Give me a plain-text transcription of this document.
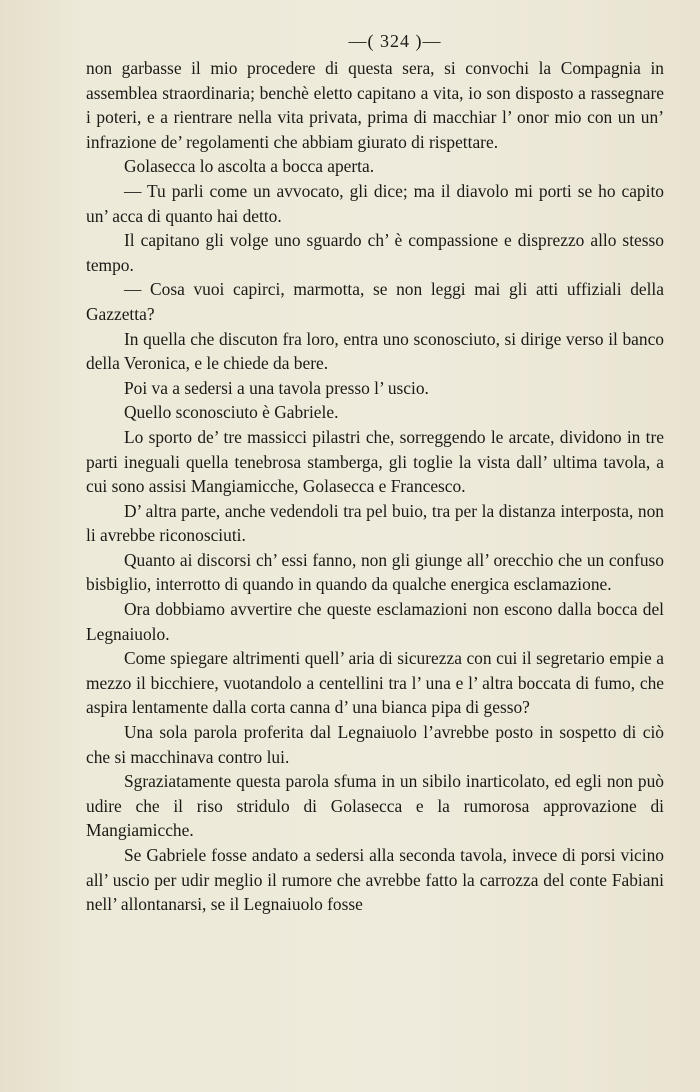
—( 324 )—

non garbasse il mio procedere di questa sera, si convochi la Compagnia in assemblea straordinaria; benchè eletto capitano a vita, io son disposto a rassegnare i poteri, e a rientrare nella vita privata, prima di macchiar l’ onor mio con un un’ infrazione de’ regolamenti che abbiam giurato di rispettare.

Golasecca lo ascolta a bocca aperta.

— Tu parli come un avvocato, gli dice; ma il diavolo mi porti se ho capito un’ acca di quanto hai detto.

Il capitano gli volge uno sguardo ch’ è compassione e disprezzo allo stesso tempo.

— Cosa vuoi capirci, marmotta, se non leggi mai gli atti uffiziali della Gazzetta?

In quella che discuton fra loro, entra uno sconosciuto, si dirige verso il banco della Veronica, e le chiede da bere.

Poi va a sedersi a una tavola presso l’ uscio.

Quello sconosciuto è Gabriele.

Lo sporto de’ tre massicci pilastri che, sorreggendo le arcate, dividono in tre parti ineguali quella tenebrosa stamberga, gli toglie la vista dall’ ultima tavola, a cui sono assisi Mangiamicche, Golasecca e Francesco.

D’ altra parte, anche vedendoli tra pel buio, tra per la distanza interposta, non li avrebbe riconosciuti.

Quanto ai discorsi ch’ essi fanno, non gli giunge all’ orecchio che un confuso bisbiglio, interrotto di quando in quando da qualche energica esclamazione.

Ora dobbiamo avvertire che queste esclamazioni non escono dalla bocca del Legnaiuolo.

Come spiegare altrimenti quell’ aria di sicurezza con cui il segretario empie a mezzo il bicchiere, vuotandolo a centellini tra l’ una e l’ altra boccata di fumo, che aspira lentamente dalla corta canna d’ una bianca pipa di gesso?

Una sola parola proferita dal Legnaiuolo l’avrebbe posto in sospetto di ciò che si macchinava contro lui.

Sgraziatamente questa parola sfuma in un sibilo inarticolato, ed egli non può udire che il riso stridulo di Golasecca e la rumorosa approvazione di Mangiamicche.

Se Gabriele fosse andato a sedersi alla seconda tavola, invece di porsi vicino all’ uscio per udir meglio il rumore che avrebbe fatto la carrozza del conte Fabiani nell’ allontanarsi, se il Legnaiuolo fosse
